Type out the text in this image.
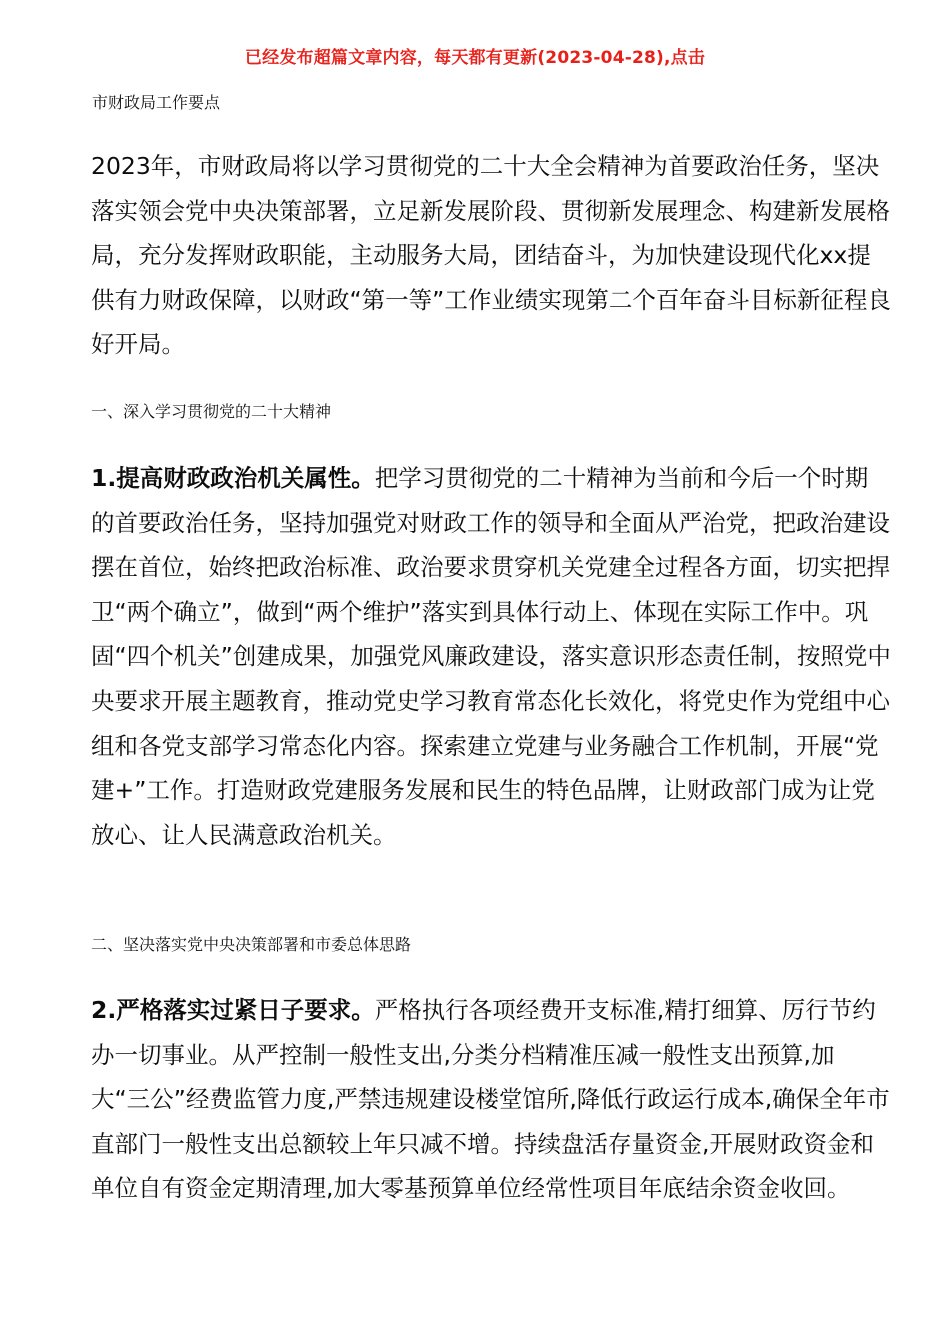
已经发布超篇文章内容，每天都有更新(2023-04-28),点击
市财政局工作要点

2023年，市财政局将以学习贯彻党的二十大全会精神为首要政治任务，坚决落实领会党中央决策部署，立足新发展阶段、贯彻新发展理念、构建新发展格局，充分发挥财政职能，主动服务大局，团结奋斗，为加快建设现代化xx提供有力财政保障，以财政“第一等”工作业绩实现第二个百年奋斗目标新征程良好开局。

一、深入学习贯彻党的二十大精神

1.提高财政政治机关属性。把学习贯彻党的二十精神为当前和今后一个时期的首要政治任务，坚持加强党对财政工作的领导和全面从严治党，把政治建设摆在首位，始终把政治标准、政治要求贯穿机关党建全过程各方面，切实把捍卫“两个确立”，做到“两个维护”落实到具体行动上、体现在实际工作中。巩固“四个机关”创建成果，加强党风廉政建设，落实意识形态责任制，按照党中央要求开展主题教育，推动党史学习教育常态化长效化，将党史作为党组中心组和各党支部学习常态化内容。探索建立党建与业务融合工作机制，开展“党建+”工作。打造财政党建服务发展和民生的特色品牌，让财政部门成为让党放心、让人民满意政治机关。

二、坚决落实党中央决策部署和市委总体思路

2.严格落实过紧日子要求。严格执行各项经费开支标准,精打细算、厉行节约办一切事业。从严控制一般性支出,分类分档精准压减一般性支出预算,加大“三公”经费监管力度,严禁违规建设楼堂馆所,降低行政运行成本,确保全年市直部门一般性支出总额较上年只减不增。持续盘活存量资金,开展财政资金和单位自有资金定期清理,加大零基预算单位经常性项目年底结余资金收回。
